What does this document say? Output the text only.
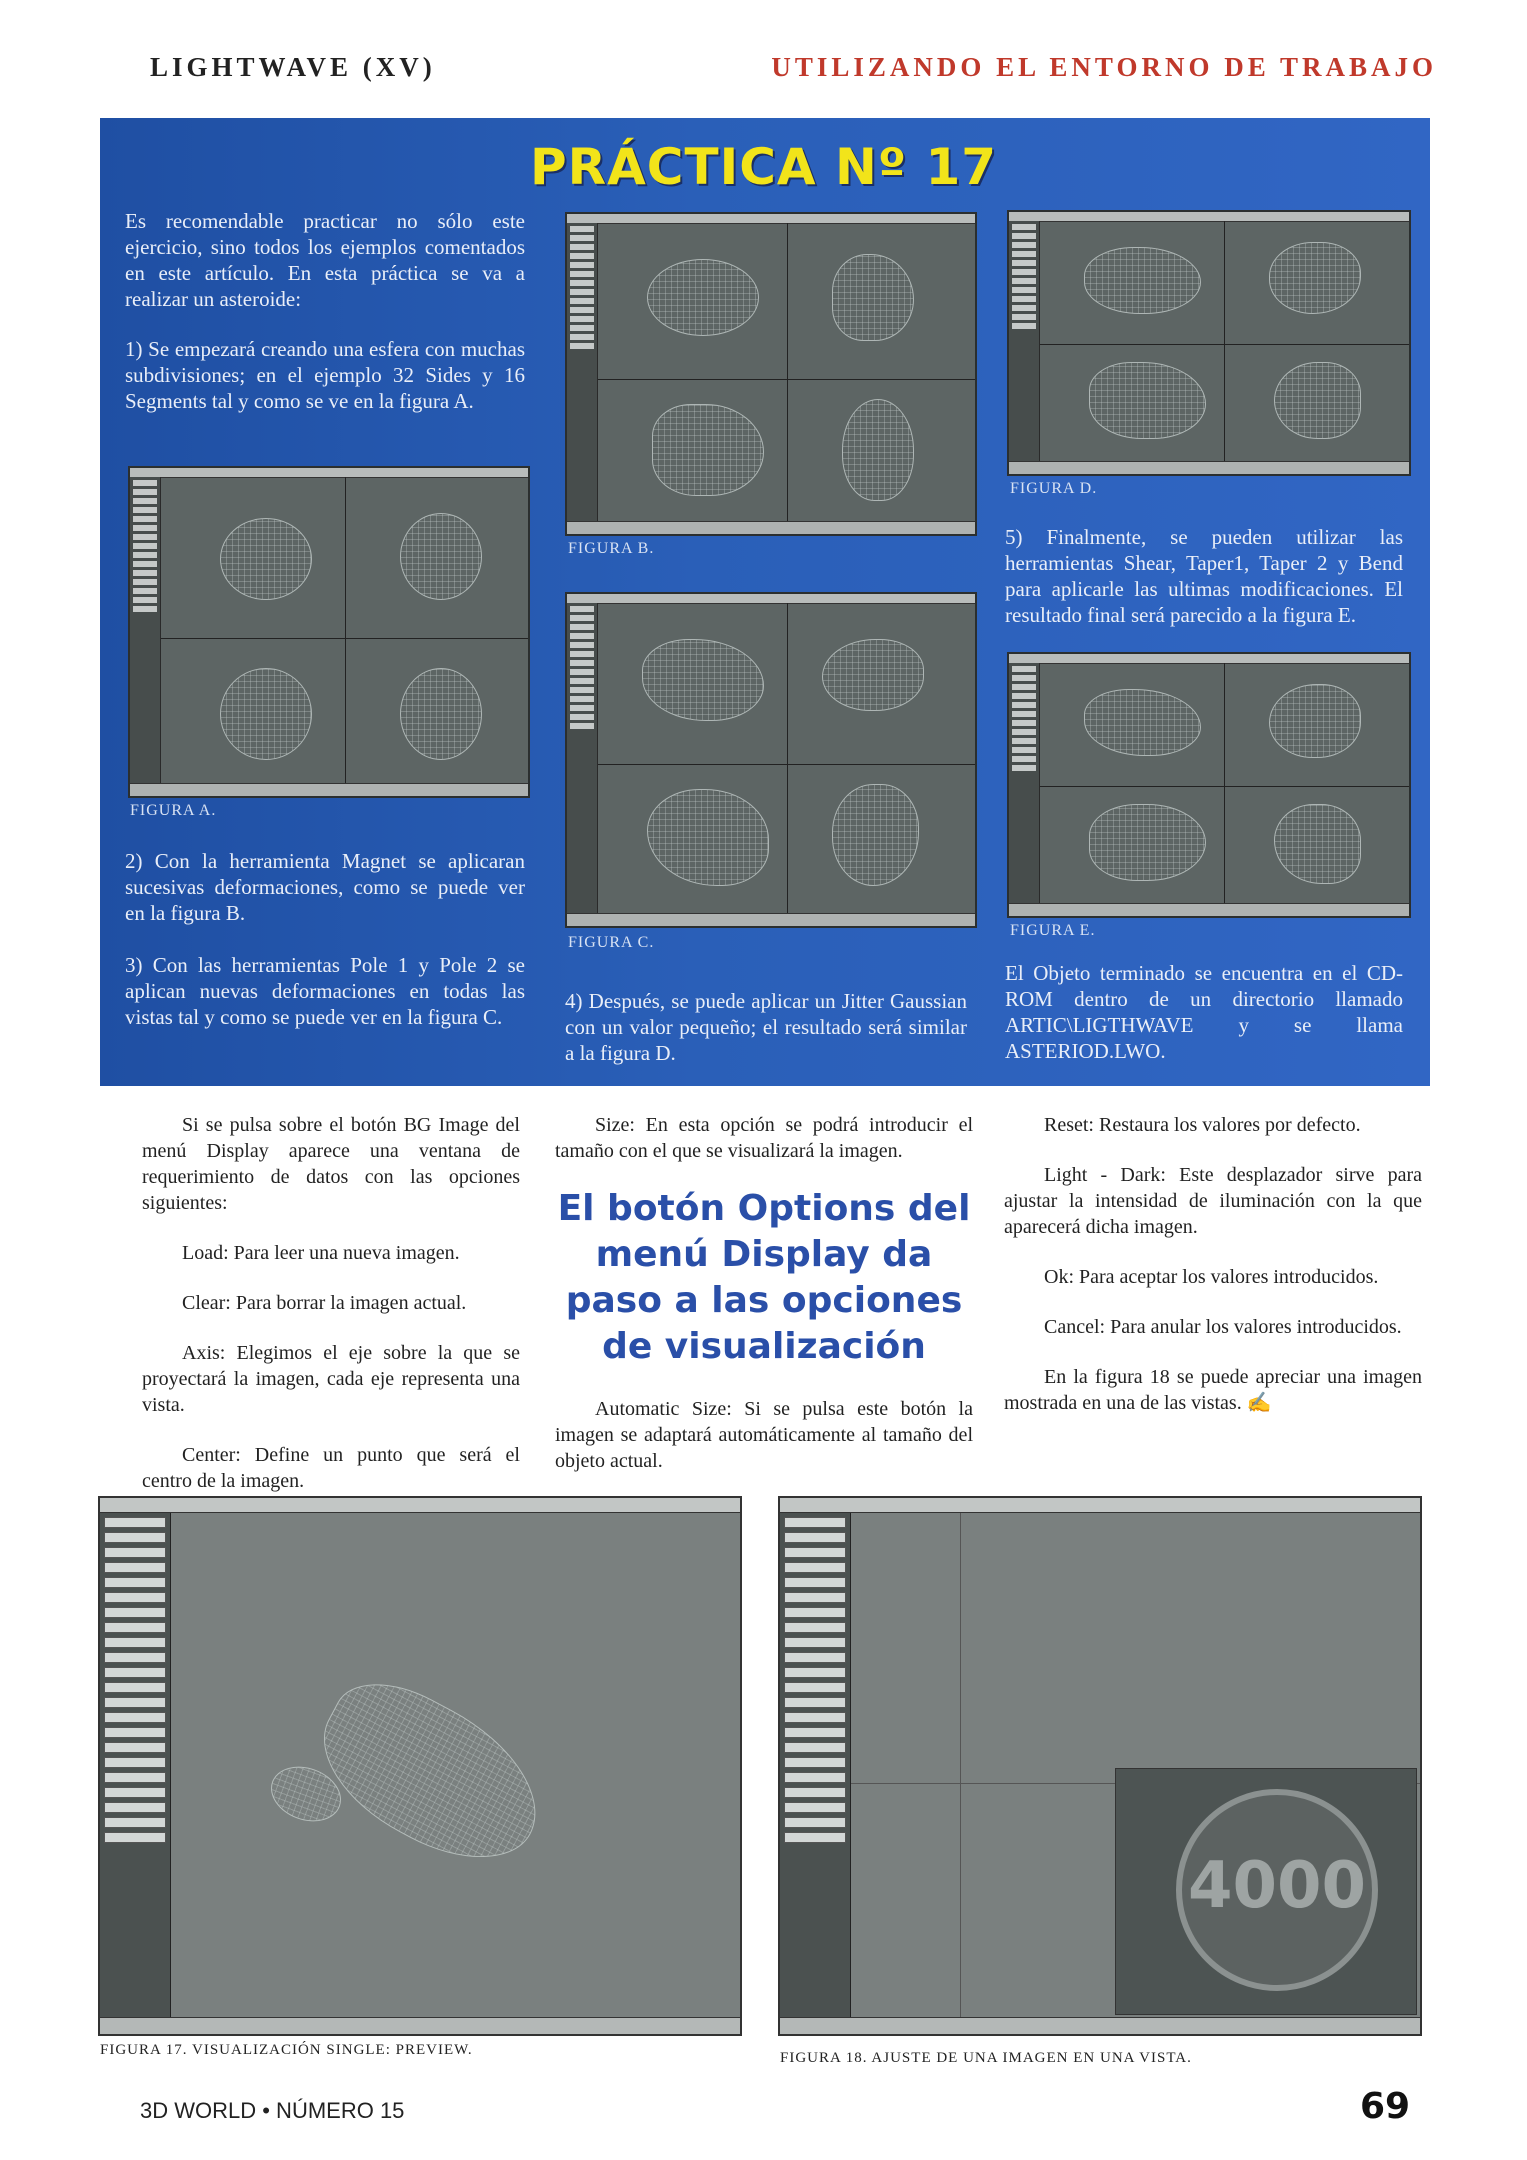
LIGHTWAVE (XV)	UTILIZANDO EL ENTORNO DE TRABAJO
PRÁCTICA Nº 17
Es recomendable practicar no sólo este ejercicio, sino todos los ejemplos comentados en este artículo. En esta práctica se va a realizar un asteroide:
1) Se empezará creando una esfera con muchas subdivisiones; en el ejemplo 32 Sides y 16 Segments tal y como se ve en la figura A.
FIGURA A.
2) Con la herramienta Magnet se aplicaran sucesivas deformaciones, como se puede ver en la figura B.
3) Con las herramientas Pole 1 y Pole 2 se aplican nuevas deformaciones en todas las vistas tal y como se puede ver en la figura C.
FIGURA B.
FIGURA C.
4) Después, se puede aplicar un Jitter Gaussian con un valor pequeño; el resultado será similar a la figura D.
FIGURA D.
5) Finalmente, se pueden utilizar las herramientas Shear, Taper1, Taper 2 y Bend para aplicarle las ultimas modificaciones. El resultado final será parecido a la figura E.
FIGURA E.
El Objeto terminado se encuentra en el CD-ROM dentro de un directorio llamado ARTIC\LIGTHWAVE y se llama ASTERIOD.LWO.

Si se pulsa sobre el botón BG Image del menú Display aparece una ventana de requerimiento de datos con las opciones siguientes:

Load: Para leer una nueva imagen.

Clear: Para borrar la imagen actual.

Axis: Elegimos el eje sobre la que se proyectará la imagen, cada eje representa una vista.

Center: Define un punto que será el centro de la imagen.

Size: En esta opción se podrá introducir el tamaño con el que se visualizará la imagen.

El botón Options del menú Display da paso a las opciones de visualización

Automatic Size: Si se pulsa este botón la imagen se adaptará automáticamente al tamaño del objeto actual.

Reset: Restaura los valores por defecto.

Light - Dark: Este desplazador sirve para ajustar la intensidad de iluminación con la que aparecerá dicha imagen.

Ok: Para aceptar los valores introducidos.

Cancel: Para anular los valores introducidos.

En la figura 18 se puede apreciar una imagen mostrada en una de las vistas. ✍

FIGURA 17. VISUALIZACIÓN SINGLE: PREVIEW.
4000
FIGURA 18. AJUSTE DE UNA IMAGEN EN UNA VISTA.
3D WORLD • NÚMERO 15	69
